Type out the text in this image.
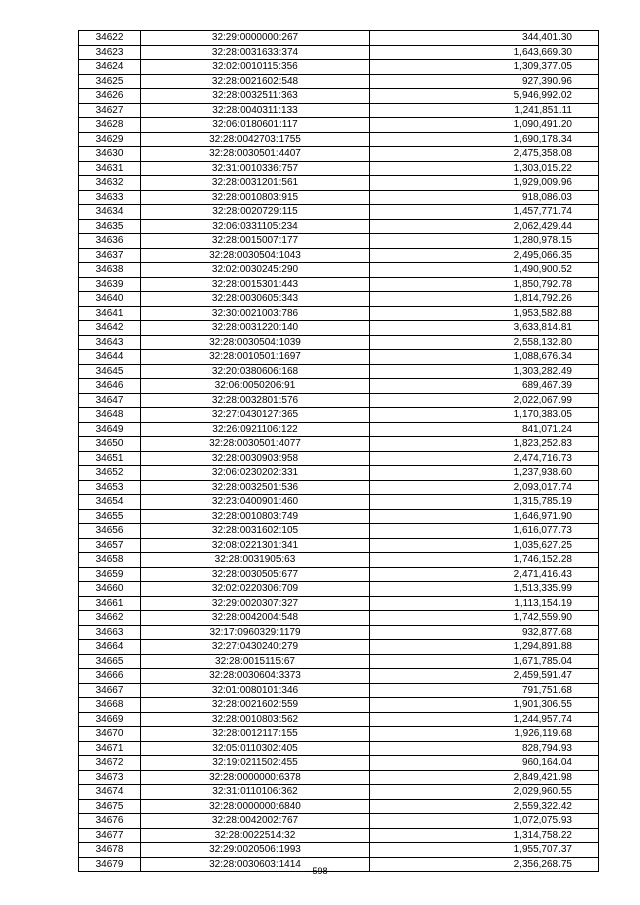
34622	32:29:0000000:267	344,401.30
34623	32:28:0031633:374	1,643,669.30
34624	32:02:0010115:356	1,309,377.05
34625	32:28:0021602:548	927,390.96
34626	32:28:0032511:363	5,946,992.02
34627	32:28:0040311:133	1,241,851.11
34628	32:06:0180601:117	1,090,491.20
34629	32:28:0042703:1755	1,690,178.34
34630	32:28:0030501:4407	2,475,358.08
34631	32:31:0010336:757	1,303,015.22
34632	32:28:0031201:561	1,929,009.96
34633	32:28:0010803:915	918,086.03
34634	32:28:0020729:115	1,457,771.74
34635	32:06:0331105:234	2,062,429.44
34636	32:28:0015007:177	1,280,978.15
34637	32:28:0030504:1043	2,495,066.35
34638	32:02:0030245:290	1,490,900.52
34639	32:28:0015301:443	1,850,792.78
34640	32:28:0030605:343	1,814,792.26
34641	32:30:0021003:786	1,953,582.88
34642	32:28:0031220:140	3,633,814.81
34643	32:28:0030504:1039	2,558,132.80
34644	32:28:0010501:1697	1,088,676.34
34645	32:20:0380606:168	1,303,282.49
34646	32:06:0050206:91	689,467.39
34647	32:28:0032801:576	2,022,067.99
34648	32:27:0430127:365	1,170,383.05
34649	32:26:0921106:122	841,071.24
34650	32:28:0030501:4077	1,823,252.83
34651	32:28:0030903:958	2,474,716.73
34652	32:06:0230202:331	1,237,938.60
34653	32:28:0032501:536	2,093,017.74
34654	32:23:0400901:460	1,315,785.19
34655	32:28:0010803:749	1,646,971.90
34656	32:28:0031602:105	1,616,077.73
34657	32:08:0221301:341	1,035,627.25
34658	32:28:0031905:63	1,746,152.28
34659	32:28:0030505:677	2,471,416.43
34660	32:02:0220306:709	1,513,335.99
34661	32:29:0020307:327	1,113,154.19
34662	32:28:0042004:548	1,742,559.90
34663	32:17:0960329:1179	932,877.68
34664	32:27:0430240:279	1,294,891.88
34665	32:28:0015115:67	1,671,785.04
34666	32:28:0030604:3373	2,459,591.47
34667	32:01:0080101:346	791,751.68
34668	32:28:0021602:559	1,901,306.55
34669	32:28:0010803:562	1,244,957.74
34670	32:28:0012117:155	1,926,119.68
34671	32:05:0110302:405	828,794.93
34672	32:19:0211502:455	960,164.04
34673	32:28:0000000:6378	2,849,421.98
34674	32:31:0110106:362	2,029,960.55
34675	32:28:0000000:6840	2,559,322.42
34676	32:28:0042002:767	1,072,075.93
34677	32:28:0022514:32	1,314,758.22
34678	32:29:0020506:1993	1,955,707.37
34679	32:28:0030603:1414	2,356,268.75
- 598 -
